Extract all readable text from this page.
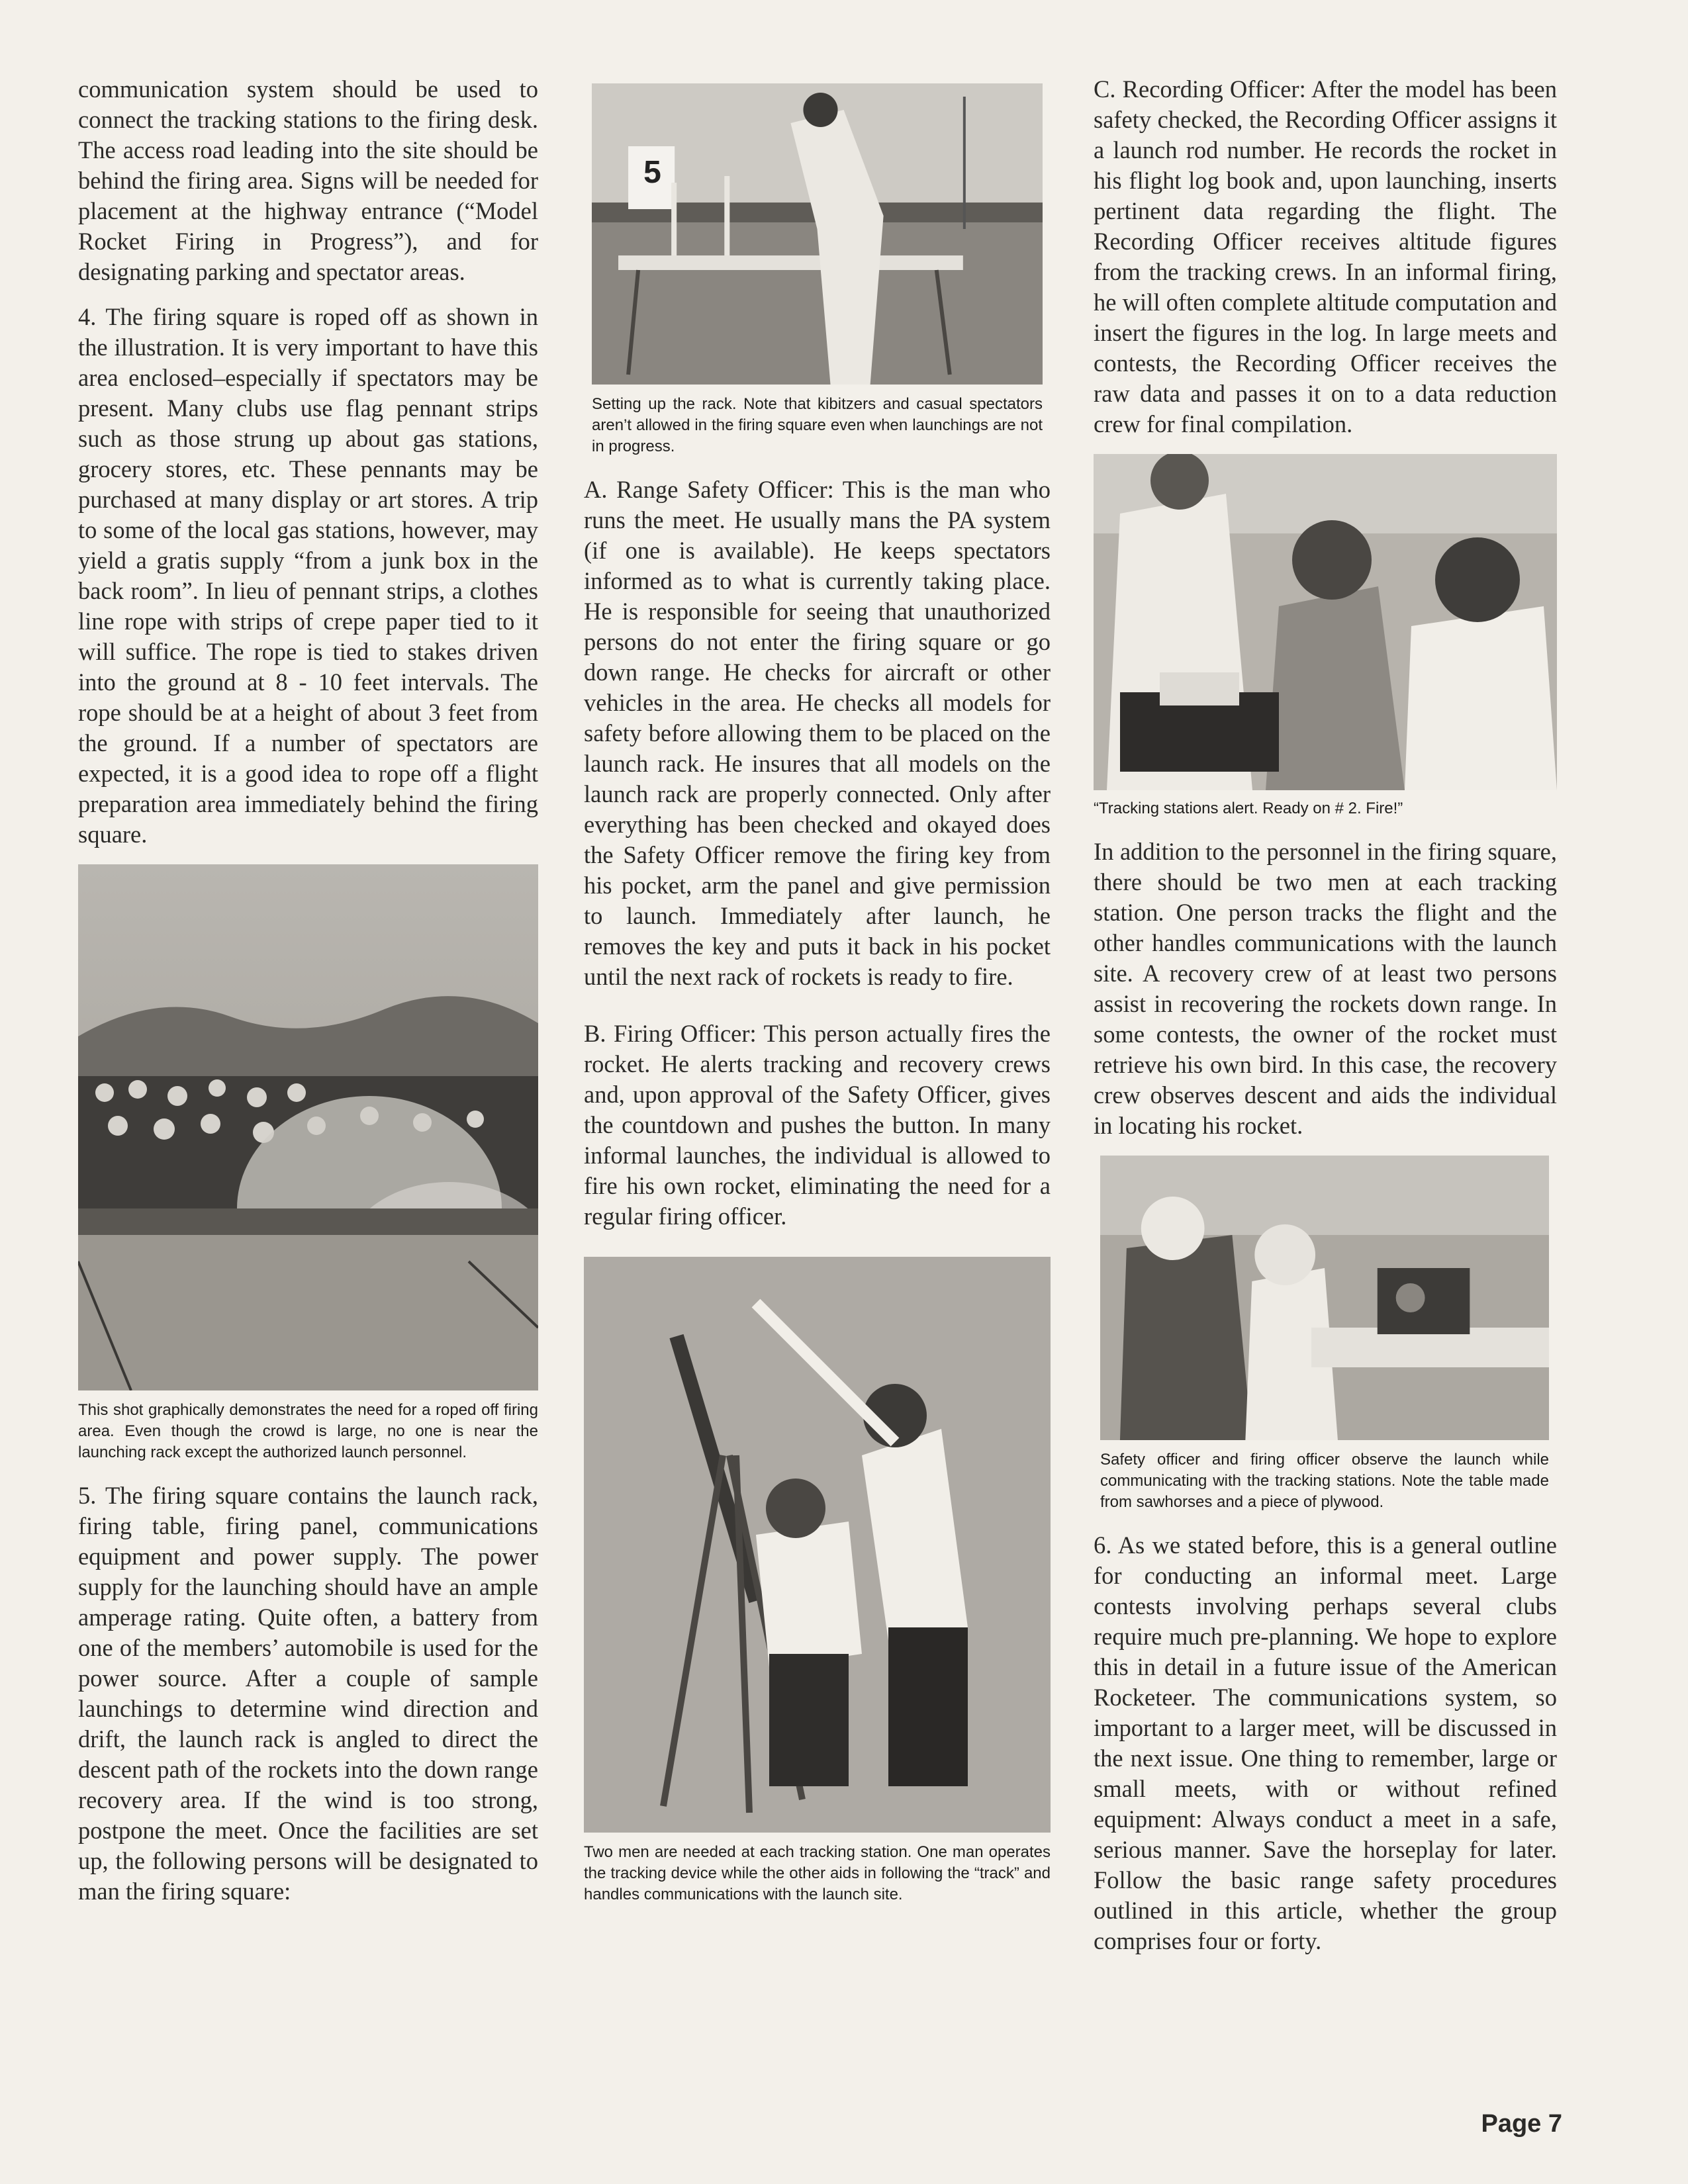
communication system should be used to connect the tracking stations to the firing desk. The access road leading into the site should be behind the firing area. Signs will be needed for placement at the highway entrance (“Model Rocket Firing in Progress”), and for designating parking and spectator areas.

4. The firing square is roped off as shown in the illustration. It is very important to have this area enclosed–especially if spectators may be present. Many clubs use flag pennant strips such as those strung up about gas stations, grocery stores, etc. These pennants may be purchased at many display or art stores. A trip to some of the local gas stations, however, may yield a gratis supply “from a junk box in the back room”. In lieu of pennant strips, a clothes line rope with strips of crepe paper tied to it will suffice. The rope is tied to stakes driven into the ground at 8 - 10 feet intervals. The rope should be at a height of about 3 feet from the ground. If a number of spectators are expected, it is a good idea to rope off a flight preparation area immediately behind the firing square.

This shot graphically demonstrates the need for a roped off firing area. Even though the crowd is large, no one is near the launching rack except the authorized launch personnel.

5. The firing square contains the launch rack, firing table, firing panel, communications equipment and power supply. The power supply for the launching should have an ample amperage rating. Quite often, a battery from one of the members’ automobile is used for the power source. After a couple of sample launchings to determine wind direction and drift, the launch rack is angled to direct the descent path of the rockets into the down range recovery area. If the wind is too strong, postpone the meet. Once the facilities are set up, the following persons will be designated to man the firing square:

5

Setting up the rack. Note that kibitzers and casual spectators aren’t allowed in the firing square even when launchings are not in progress.

A. Range Safety Officer: This is the man who runs the meet. He usually mans the PA system (if one is available). He keeps spectators informed as to what is currently taking place. He is responsible for seeing that unauthorized persons do not enter the firing square or go down range. He checks for aircraft or other vehicles in the area. He checks all models for safety before allowing them to be placed on the launch rack. He insures that all models on the launch rack are properly connected. Only after everything has been checked and okayed does the Safety Officer remove the firing key from his pocket, arm the panel and give permission to launch. Immediately after launch, he removes the key and puts it back in his pocket until the next rack of rockets is ready to fire.

B. Firing Officer: This person actually fires the rocket. He alerts tracking and recovery crews and, upon approval of the Safety Officer, gives the countdown and pushes the button. In many informal launches, the individual is allowed to fire his own rocket, eliminating the need for a regular firing officer.

Two men are needed at each tracking station. One man operates the tracking device while the other aids in following the “track” and handles communications with the launch site.

C. Recording Officer: After the model has been safety checked, the Recording Officer assigns it a launch rod number. He records the rocket in his flight log book and, upon launching, inserts pertinent data regarding the flight. The Recording Officer receives altitude figures from the tracking crews. In an informal firing, he will often complete altitude computation and insert the figures in the log. In large meets and contests, the Recording Officer receives the raw data and passes it on to a data reduction crew for final compilation.

“Tracking stations alert. Ready on # 2. Fire!”

In addition to the personnel in the firing square, there should be two men at each tracking station. One person tracks the flight and the other handles communications with the launch site. A recovery crew of at least two persons assist in recovering the rockets down range. In some contests, the owner of the rocket must retrieve his own bird. In this case, the recovery crew observes descent and aids the individual in locating his rocket.

Safety officer and firing officer observe the launch while communicating with the tracking stations. Note the table made from sawhorses and a piece of plywood.

6. As we stated before, this is a general outline for conducting an informal meet. Large contests involving perhaps several clubs require much pre-planning. We hope to explore this in detail in a future issue of the American Rocketeer. The communications system, so important to a larger meet, will be discussed in the next issue. One thing to remember, large or small meets, with or without refined equipment: Always conduct a meet in a safe, serious manner. Save the horseplay for later. Follow the basic range safety procedures outlined in this article, whether the group comprises four or forty.

Page 7
